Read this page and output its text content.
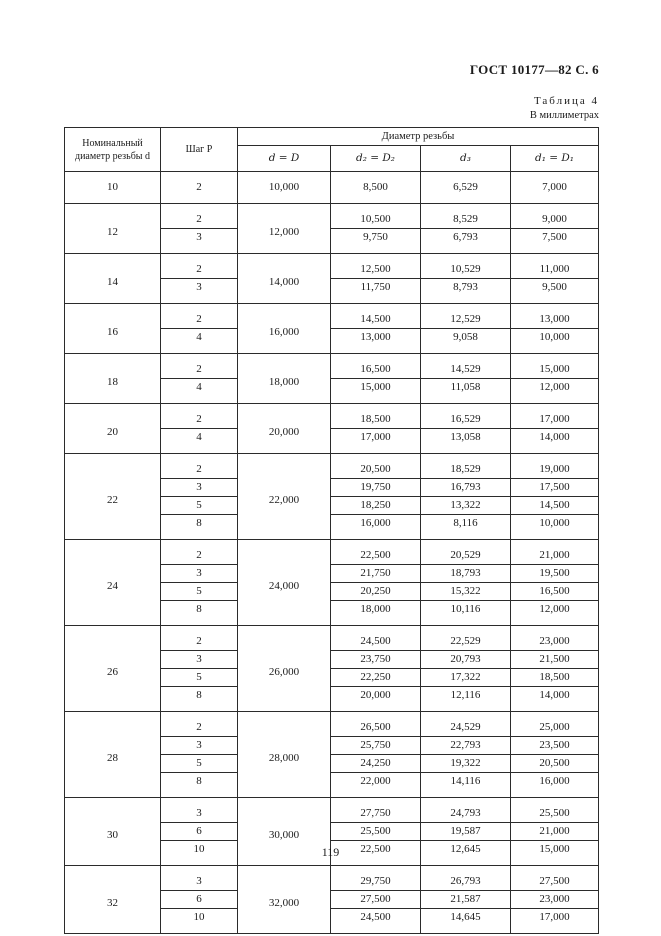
ГОСТ 10177—82 С. 6
Таблица 4
В миллиметрах
Номинальный диаметр резьбы d	Шаг Р	Диаметр резьбы			
		d = D	d₂ = D₂	d₃	d₁ = D₁
10	2	10,000	8,500	6,529	7,000
12	2	12,000	10,500	8,529	9,000
	3		9,750	6,793	7,500
14	2	14,000	12,500	10,529	11,000
	3		11,750	8,793	9,500
16	2	16,000	14,500	12,529	13,000
	4		13,000	9,058	10,000
18	2	18,000	16,500	14,529	15,000
	4		15,000	11,058	12,000
20	2	20,000	18,500	16,529	17,000
	4		17,000	13,058	14,000
22	2	22,000	20,500	18,529	19,000
	3		19,750	16,793	17,500
	5		18,250	13,322	14,500
	8		16,000	8,116	10,000
24	2	24,000	22,500	20,529	21,000
	3		21,750	18,793	19,500
	5		20,250	15,322	16,500
	8		18,000	10,116	12,000
26	2	26,000	24,500	22,529	23,000
	3		23,750	20,793	21,500
	5		22,250	17,322	18,500
	8		20,000	12,116	14,000
28	2	28,000	26,500	24,529	25,000
	3		25,750	22,793	23,500
	5		24,250	19,322	20,500
	8		22,000	14,116	16,000
30	3	30,000	27,750	24,793	25,500
	6		25,500	19,587	21,000
	10		22,500	12,645	15,000
32	3	32,000	29,750	26,793	27,500
	6		27,500	21,587	23,000
	10		24,500	14,645	17,000
119
